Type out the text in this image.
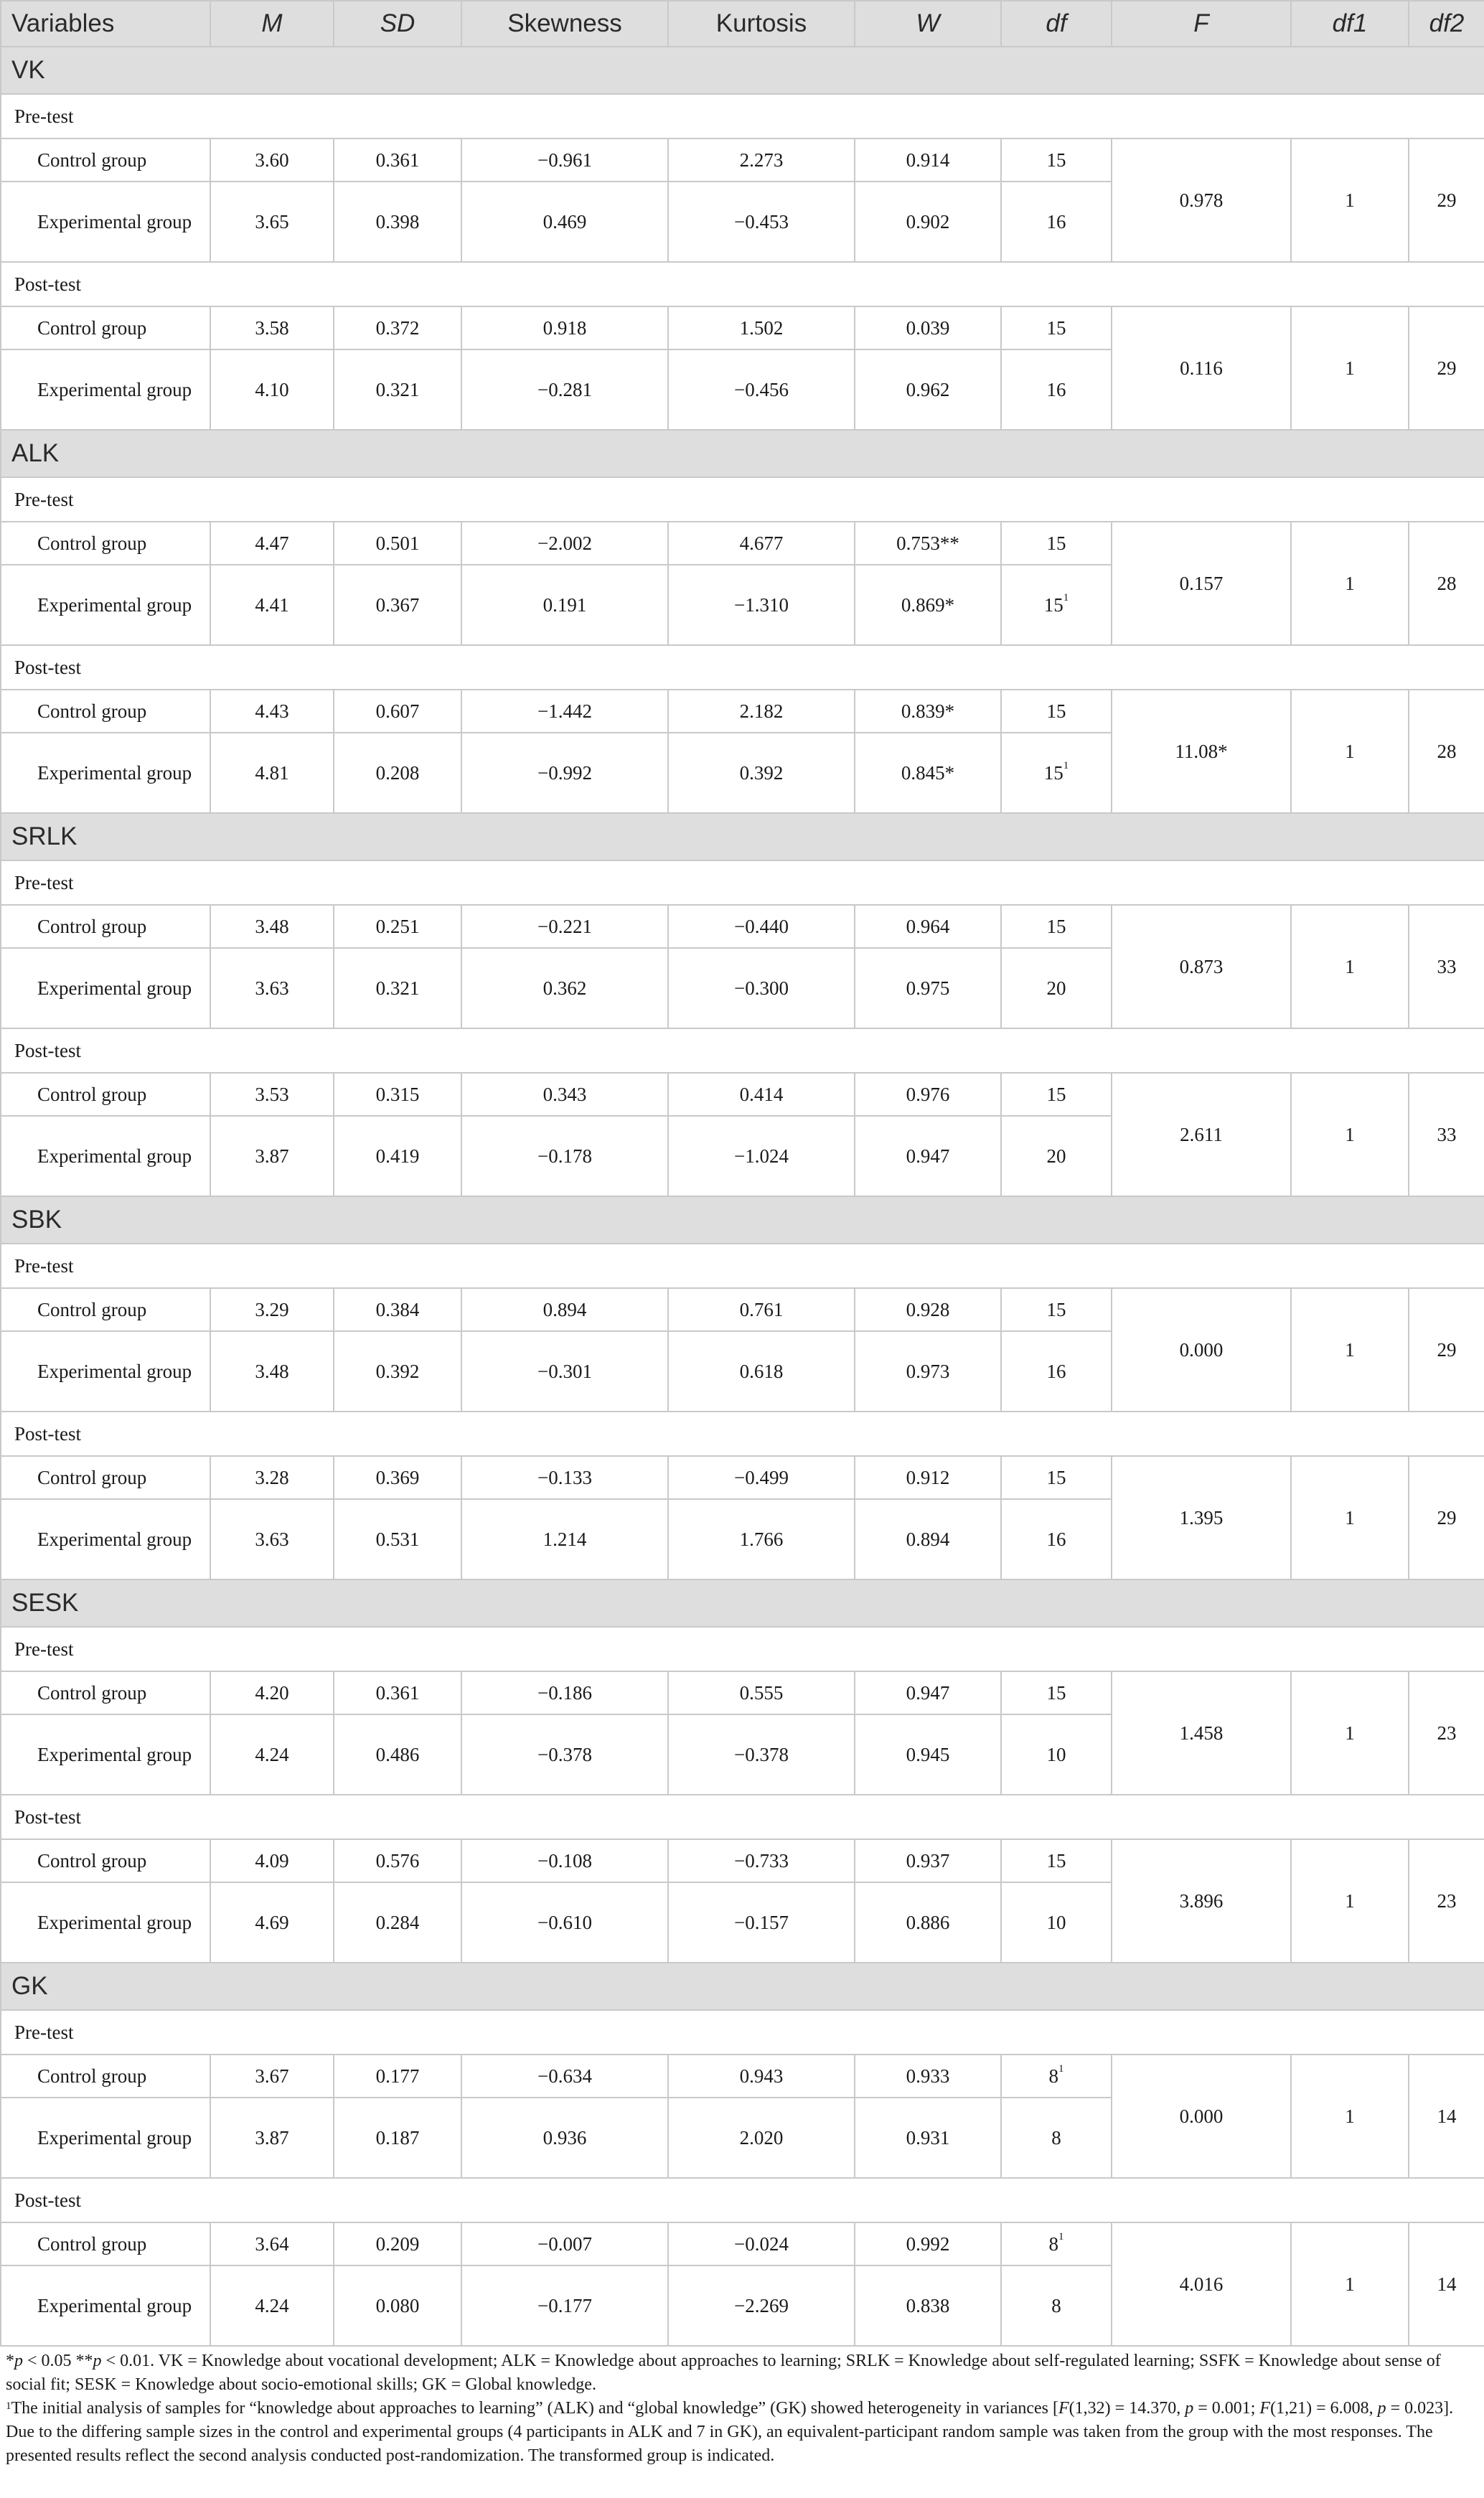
Variables	M	SD	Skewness	Kurtosis	W	df	F	df1	df2
VK									
Pre-test									
Control group	3.60	0.361	−0.961	2.273	0.914	15	0.978	1	29
Experimental group	3.65	0.398	0.469	−0.453	0.902	16			
Post-test									
Control group	3.58	0.372	0.918	1.502	0.039	15	0.116	1	29
Experimental group	4.10	0.321	−0.281	−0.456	0.962	16			
ALK									
Pre-test									
Control group	4.47	0.501	−2.002	4.677	0.753**	15	0.157	1	28
Experimental group	4.41	0.367	0.191	−1.310	0.869*	$15^1$
Post-test									
Control group	4.43	0.607	−1.442	2.182	0.839*	15	11.08*	1	28
Experimental group	4.81	0.208	−0.992	0.392	0.845*	$15^1$
SRLK									
Pre-test									
Control group	3.48	0.251	−0.221	−0.440	0.964	15	0.873	1	33
Experimental group	3.63	0.321	0.362	−0.300	0.975	20			
Post-test									
Control group	3.53	0.315	0.343	0.414	0.976	15	2.611	1	33
Experimental group	3.87	0.419	−0.178	−1.024	0.947	20			
SBK									
Pre-test									
Control group	3.29	0.384	0.894	0.761	0.928	15	0.000	1	29
Experimental group	3.48	0.392	−0.301	0.618	0.973	16			
Post-test									
Control group	3.28	0.369	−0.133	−0.499	0.912	15	1.395	1	29
Experimental group	3.63	0.531	1.214	1.766	0.894	16			
SESK									
Pre-test									
Control group	4.20	0.361	−0.186	0.555	0.947	15	1.458	1	23
Experimental group	4.24	0.486	−0.378	−0.378	0.945	10			
Post-test									
Control group	4.09	0.576	−0.108	−0.733	0.937	15	3.896	1	23
Experimental group	4.69	0.284	−0.610	−0.157	0.886	10			
GK									
Pre-test									
Control group	3.67	0.177	−0.634	0.943	0.933	$8^1$	0.000	1	14
Experimental group	3.87	0.187	0.936	2.020	0.931	8			
Post-test									
Control group	3.64	0.209	−0.007	−0.024	0.992	$8^1$	4.016	1	14
Experimental group	4.24	0.080	−0.177	−2.269	0.838	8			

*p < 0.05 **p < 0.01. VK = Knowledge about vocational development; ALK = Knowledge about approaches to learning; SRLK = Knowledge about self-regulated learning; SSFK = Knowledge about sense of social fit; SESK = Knowledge about socio-emotional skills; GK = Global knowledge.

$^1$The initial analysis of samples for “knowledge about approaches to learning” (ALK) and “global knowledge” (GK) showed heterogeneity in variances [F(1,32) = 14.370, p = 0.001; F(1,21) = 6.008, p = 0.023]. Due to the differing sample sizes in the control and experimental groups (4 participants in ALK and 7 in GK), an equivalent-participant random sample was taken from the group with the most responses. The presented results reflect the second analysis conducted post-randomization. The transformed group is indicated.
